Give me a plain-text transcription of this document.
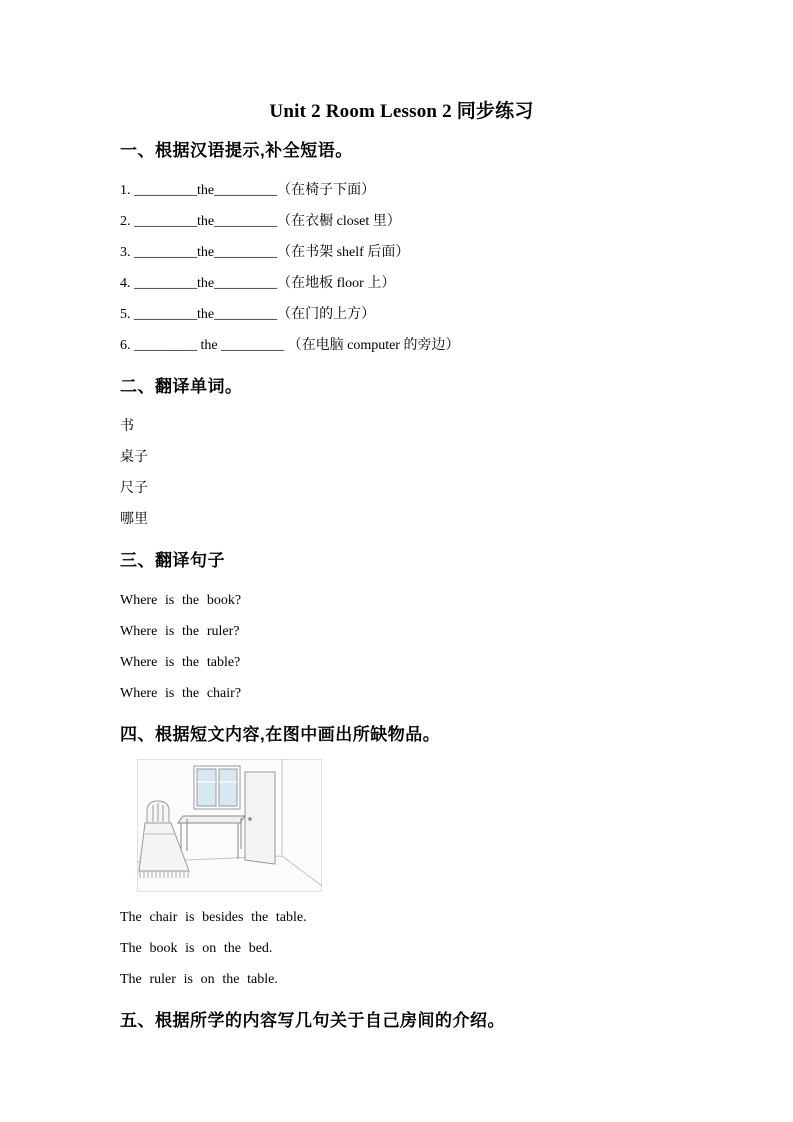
Unit 2 Room Lesson 2 同步练习
一、根据汉语提示,补全短语。

1. _________the_________（在椅子下面）

2. _________the_________（在衣橱 closet 里）

3. _________the_________（在书架 shelf 后面）

4. _________the_________（在地板 floor 上）

5. _________the_________（在门的上方）

6. _________ the _________ （在电脑 computer 的旁边）

二、翻译单词。

书

桌子

尺子

哪里

三、翻译句子

Where is the book?

Where is the ruler?

Where is the table?

Where is the chair?

四、根据短文内容,在图中画出所缺物品。

The chair is besides the table.

The book is on the bed.

The ruler is on the table.

五、根据所学的内容写几句关于自己房间的介绍。
